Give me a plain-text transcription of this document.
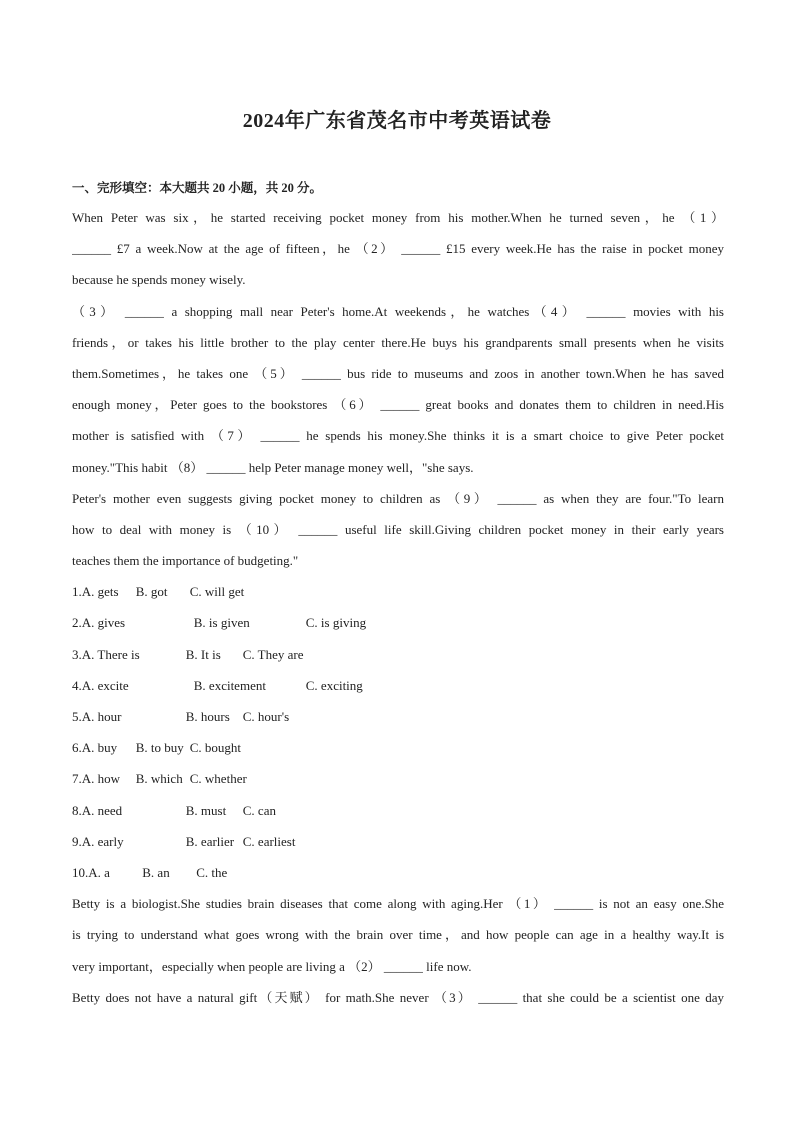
2024年广东省茂名市中考英语试卷
一、完形填空：本大题共 20 小题，共 20 分。
When Peter was six，he started receiving pocket money from his mother.When he turned seven，he （1）
______ £7 a week.Now at the age of fifteen，he （2） ______ £15 every week.He has the raise in pocket money
because he spends money wisely.
（3） ______ a shopping mall near Peter's home.At weekends，he watches（4） ______ movies with his
friends，or takes his little brother to the play center there.He buys his grandparents small presents when he visits
them.Sometimes，he takes one （5） ______ bus ride to museums and zoos in another town.When he has saved
enough money，Peter goes to the bookstores （6） ______ great books and donates them to children in need.His
mother is satisfied with （7） ______ he spends his money.She thinks it is a smart choice to give Peter pocket
money."This habit （8） ______ help Peter manage money well，"she says.
Peter's mother even suggests giving pocket money to children as （9） ______ as when they are four."To learn
how to deal with money is （10） ______ useful life skill.Giving children pocket money in their early years
teaches them the importance of budgeting."
1. A. gets	B. got	C. will get
2. A. gives	B. is given	C. is giving
3. A. There is	B. It is	C. They are
4. A. excite	B. excitement	C. exciting
5. A. hour	B. hours C. hour's
6. A. buy	B. to buy C. bought
7. A. how	B. which C. whether
8. A. need	B. must	C. can
9. A. early	B. earlier C. earliest
10. A. a	B. an	C. the
Betty is a biologist.She studies brain diseases that come along with aging.Her （1） ______ is not an easy one.She
is trying to understand what goes wrong with the brain over time，and how people can age in a healthy way.It is
very important，especially when people are living a （2） ______ life now.
Betty does not have a natural gift（天赋） for math.She never （3） ______ that she could be a scientist one day
